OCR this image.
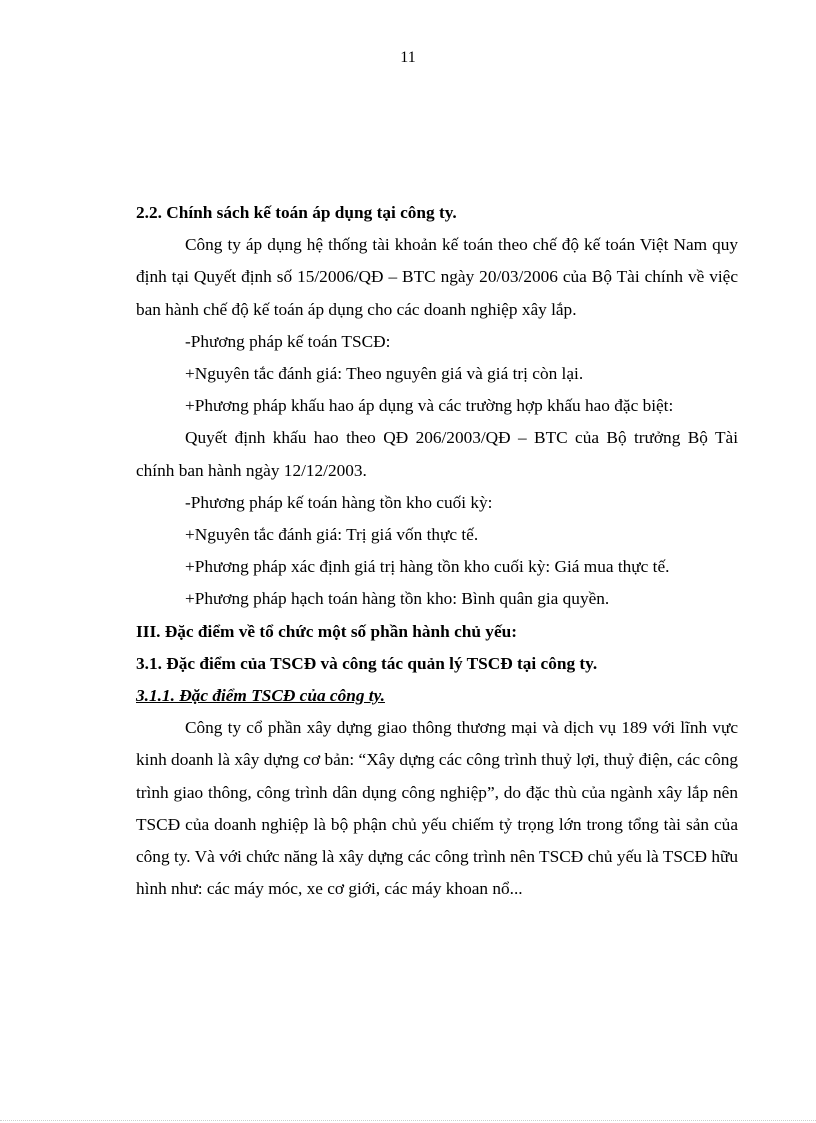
11

2.2. Chính sách kế toán áp dụng tại công ty.

Công ty áp dụng hệ thống tài khoản kế toán theo chế độ kế toán Việt Nam quy định tại Quyết định số 15/2006/QĐ – BTC ngày 20/03/2006 của Bộ Tài chính về việc ban hành chế độ kế toán áp dụng cho các doanh nghiệp xây lắp.

-Phương pháp kế toán TSCĐ:

+Nguyên tắc đánh giá: Theo nguyên giá và giá trị còn lại.

+Phương pháp khấu hao áp dụng và các trường hợp khấu hao đặc biệt:

Quyết định khấu hao theo QĐ 206/2003/QĐ – BTC của Bộ trưởng Bộ Tài chính ban hành ngày 12/12/2003.

-Phương pháp kế toán hàng tồn kho cuối kỳ:

+Nguyên tắc đánh giá: Trị giá vốn thực tế.

+Phương pháp xác định giá trị hàng tồn kho cuối kỳ: Giá mua thực tế.

+Phương pháp hạch toán hàng tồn kho: Bình quân gia quyền.

III. Đặc điểm về tổ chức một số phần hành chủ yếu:

3.1. Đặc điểm của TSCĐ và công tác quản lý TSCĐ tại công ty.

3.1.1. Đặc điểm TSCĐ của công ty.

Công ty cổ phần xây dựng giao thông thương mại và dịch vụ 189 với lĩnh vực kinh doanh là xây dựng cơ bản: “Xây dựng các công trình thuỷ lợi, thuỷ điện, các công trình giao thông, công trình dân dụng công nghiệp”, do đặc thù của ngành xây lắp nên TSCĐ của doanh nghiệp là bộ phận chủ yếu chiếm tỷ trọng lớn trong tổng tài sản của công ty. Và với chức năng là xây dựng các công trình nên TSCĐ chủ yếu là TSCĐ hữu hình như: các máy móc, xe cơ giới, các máy khoan nổ...
